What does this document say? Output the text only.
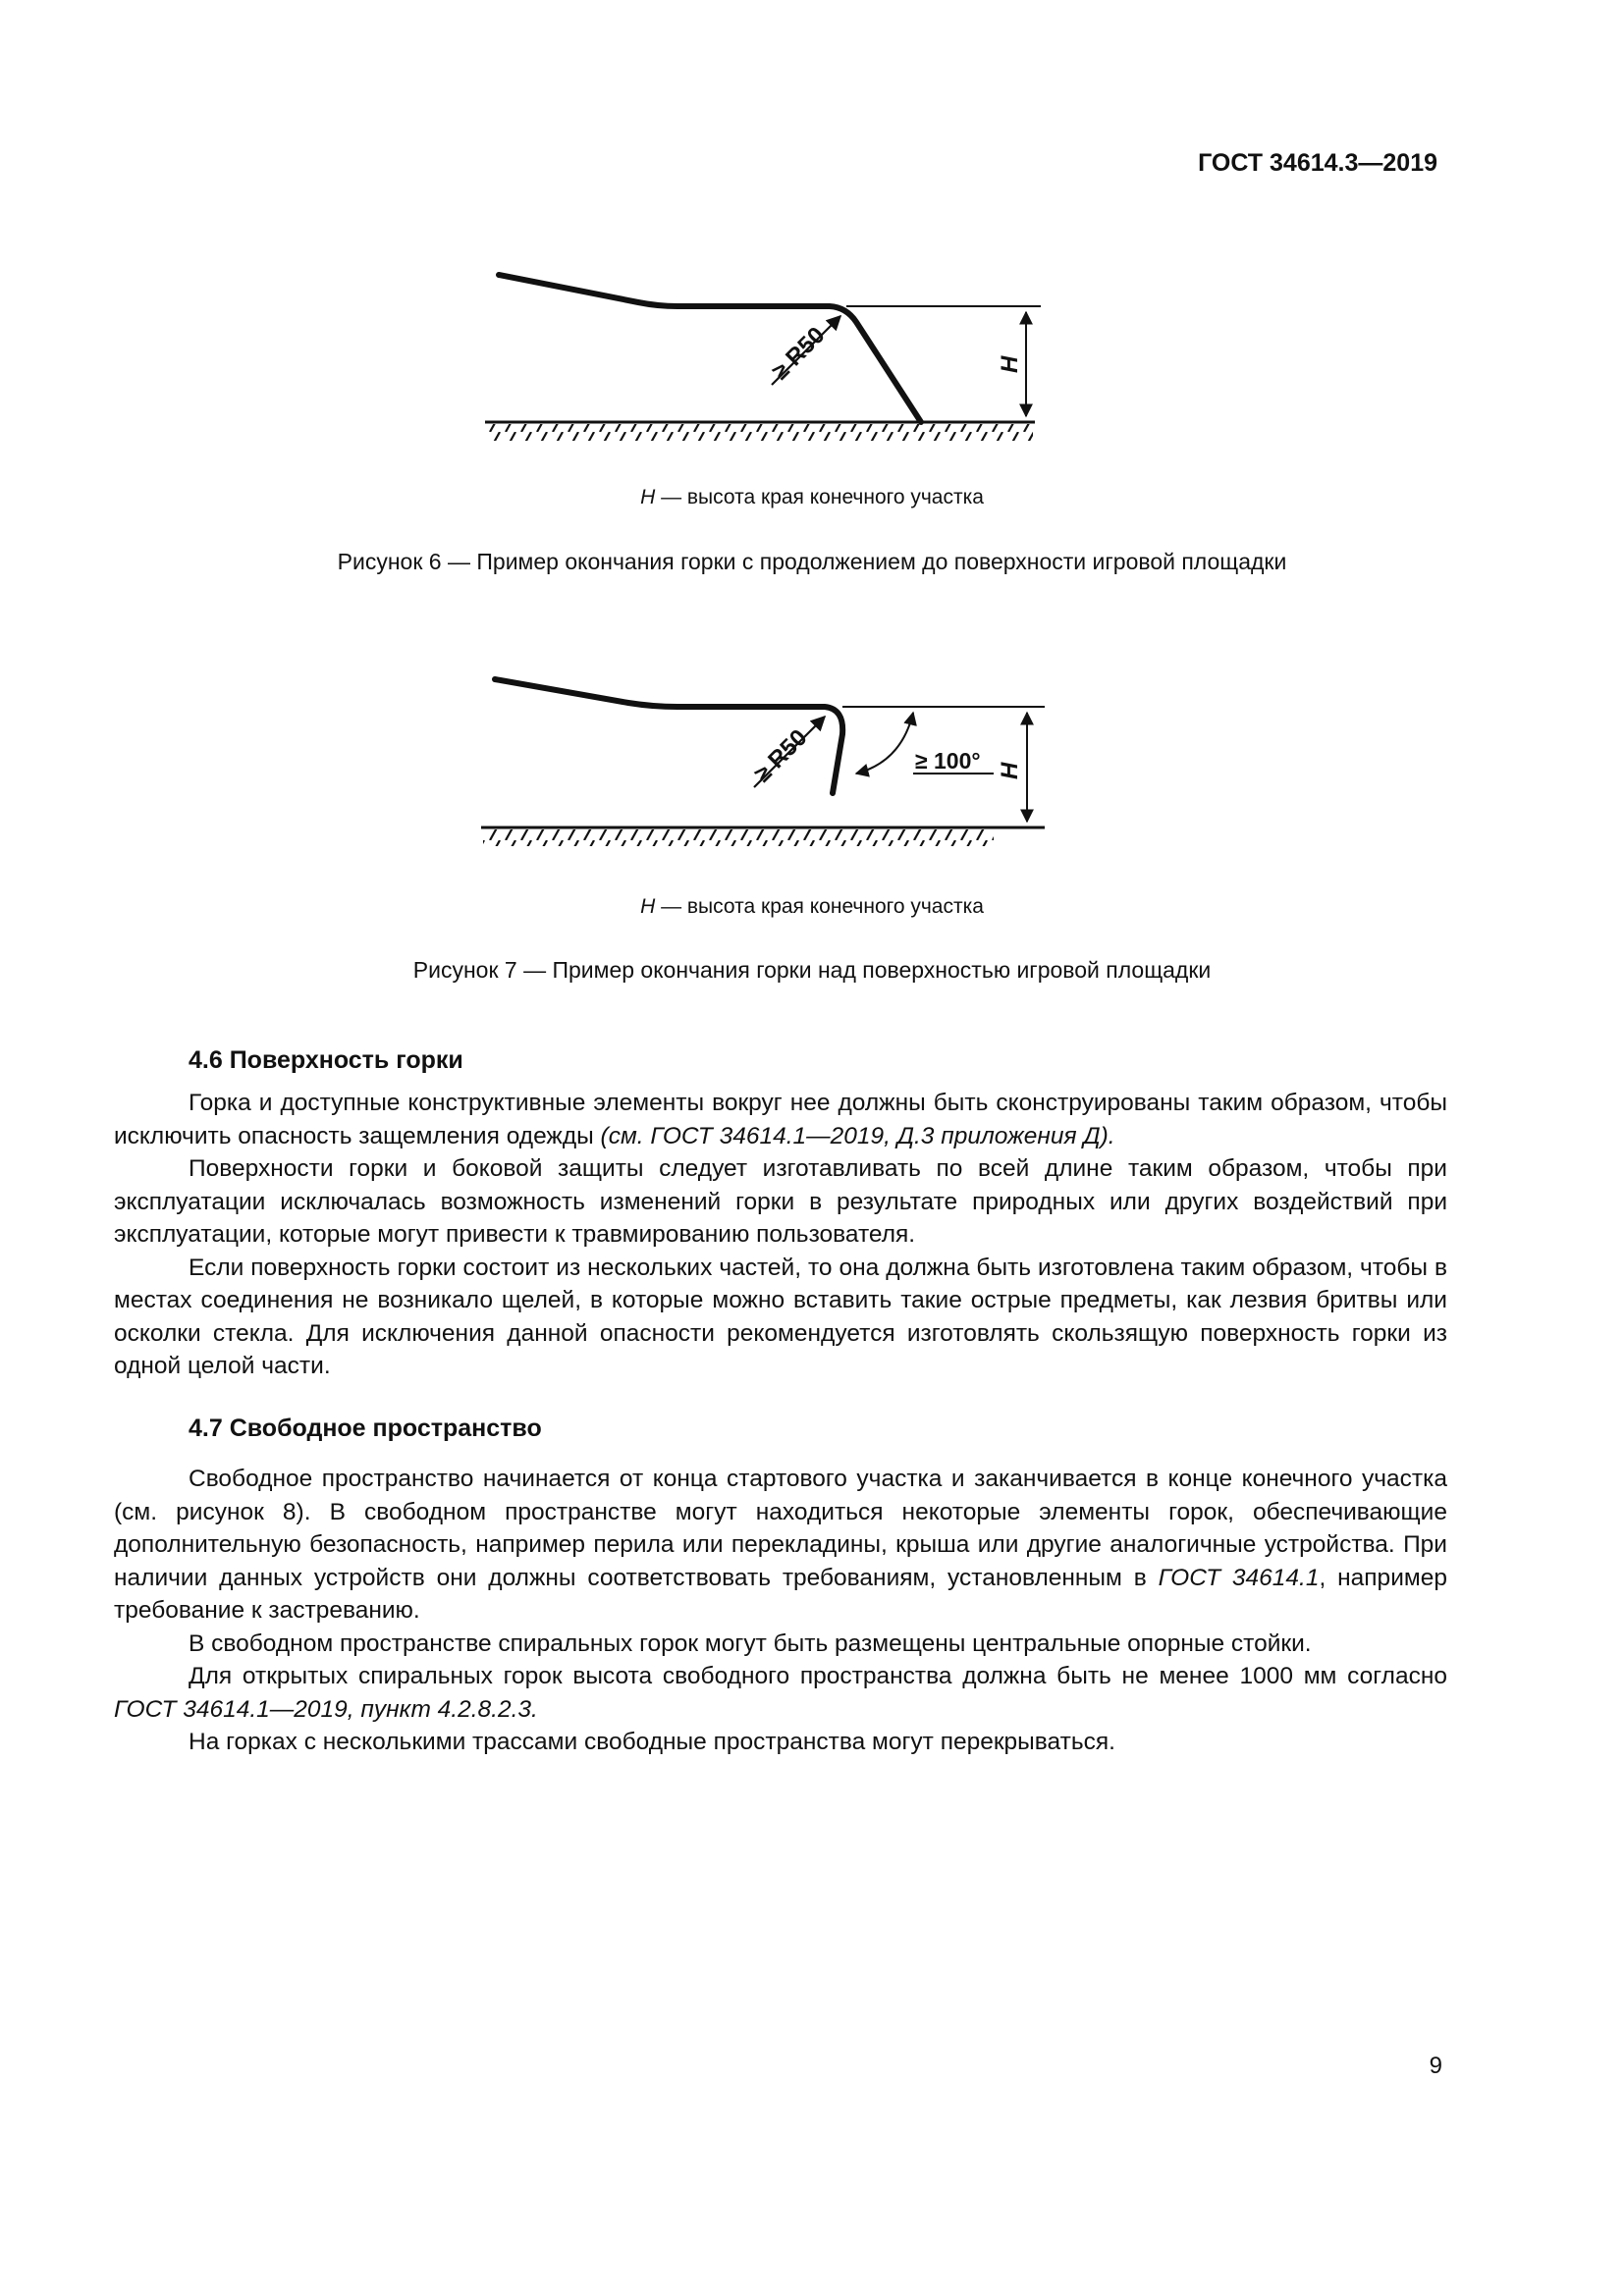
ГОСТ 34614.3—2019
≥ R50	H
H — высота края конечного участка
Рисунок 6 — Пример окончания горки с продолжением до поверхности игровой площадки
≥ R50	≥ 100° H
H — высота края конечного участка
Рисунок 7 — Пример окончания горки над поверхностью игровой площадки
4.6 Поверхность горки

Горка и доступные конструктивные элементы вокруг нее должны быть сконструированы таким образом, чтобы исключить опасность защемления одежды (см. ГОСТ 34614.1—2019, Д.3 приложения Д).

Поверхности горки и боковой защиты следует изготавливать по всей длине таким образом, чтобы при эксплуатации исключалась возможность изменений горки в результате природных или других воздействий при эксплуатации, которые могут привести к травмированию пользователя.

Если поверхность горки состоит из нескольких частей, то она должна быть изготовлена таким образом, чтобы в местах соединения не возникало щелей, в которые можно вставить такие острые предметы, как лезвия бритвы или осколки стекла. Для исключения данной опасности рекомендуется изготовлять скользящую поверхность горки из одной целой части.

4.7 Свободное пространство

Свободное пространство начинается от конца стартового участка и заканчивается в конце конечного участка (см. рисунок 8). В свободном пространстве могут находиться некоторые элементы горок, обеспечивающие дополнительную безопасность, например перила или перекладины, крыша или другие аналогичные устройства. При наличии данных устройств они должны соответствовать требованиям, установленным в ГОСТ 34614.1, например требование к застреванию.

В свободном пространстве спиральных горок могут быть размещены центральные опорные стойки.

Для открытых спиральных горок высота свободного пространства должна быть не менее 1000 мм согласно ГОСТ 34614.1—2019, пункт 4.2.8.2.3.

На горках с несколькими трассами свободные пространства могут перекрываться.

9
